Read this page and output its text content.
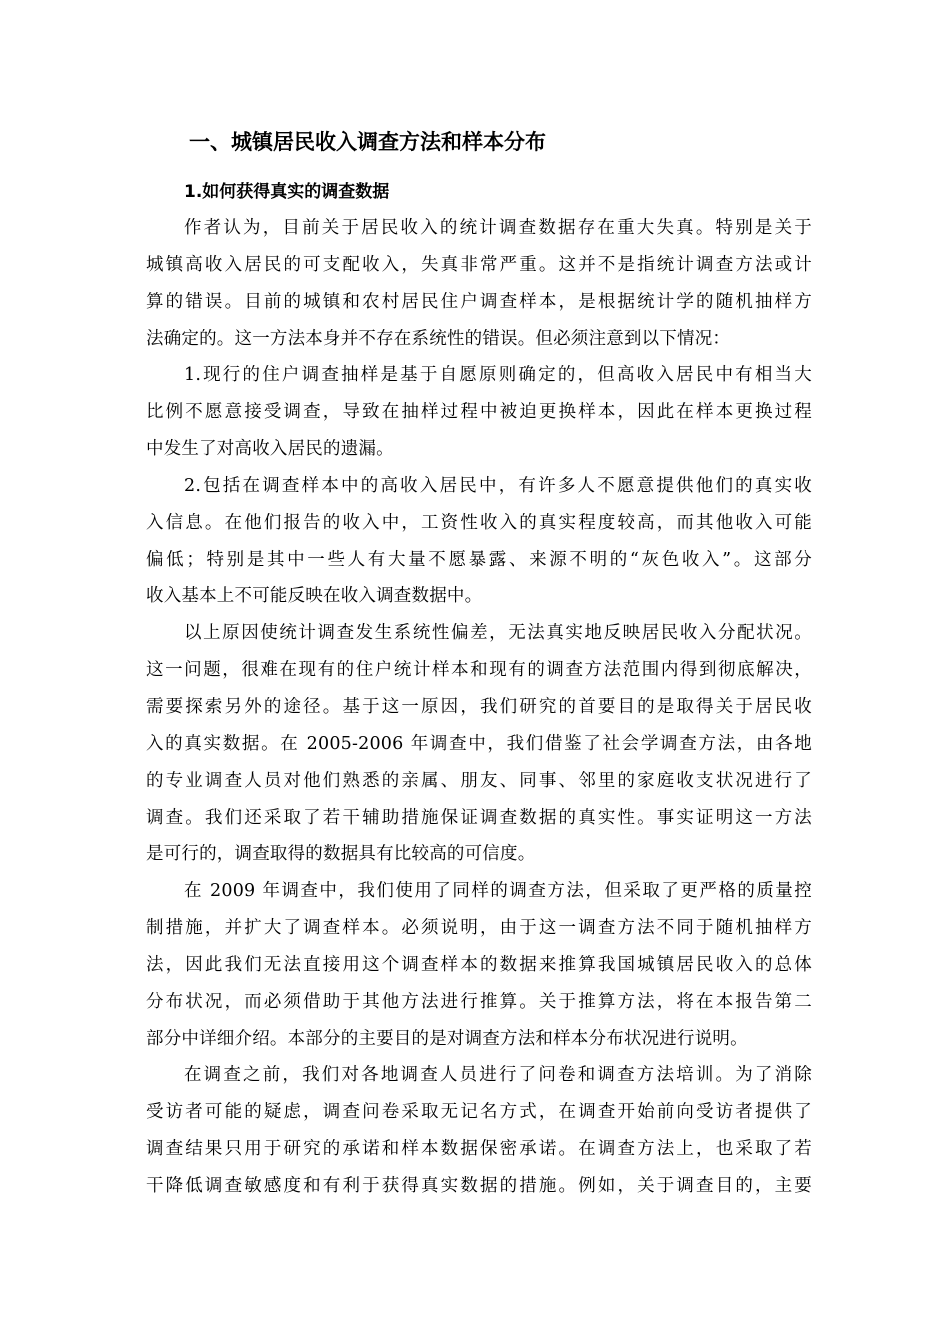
一、城镇居民收入调查方法和样本分布
1.如何获得真实的调查数据
作者认为，目前关于居民收入的统计调查数据存在重大失真。特别是关于
城镇高收入居民的可支配收入，失真非常严重。这并不是指统计调查方法或计
算的错误。目前的城镇和农村居民住户调查样本，是根据统计学的随机抽样方
法确定的。这一方法本身并不存在系统性的错误。但必须注意到以下情况：
1.现行的住户调查抽样是基于自愿原则确定的，但高收入居民中有相当大
比例不愿意接受调查，导致在抽样过程中被迫更换样本，因此在样本更换过程
中发生了对高收入居民的遗漏。
2.包括在调查样本中的高收入居民中，有许多人不愿意提供他们的真实收
入信息。在他们报告的收入中，工资性收入的真实程度较高，而其他收入可能
偏低；特别是其中一些人有大量不愿暴露、来源不明的“灰色收入”。这部分
收入基本上不可能反映在收入调查数据中。
以上原因使统计调查发生系统性偏差，无法真实地反映居民收入分配状况。
这一问题，很难在现有的住户统计样本和现有的调查方法范围内得到彻底解决，
需要探索另外的途径。基于这一原因，我们研究的首要目的是取得关于居民收
入的真实数据。在 2005-2006 年调查中，我们借鉴了社会学调查方法，由各地
的专业调查人员对他们熟悉的亲属、朋友、同事、邻里的家庭收支状况进行了
调查。我们还采取了若干辅助措施保证调查数据的真实性。事实证明这一方法
是可行的，调查取得的数据具有比较高的可信度。
在 2009 年调查中，我们使用了同样的调查方法，但采取了更严格的质量控
制措施，并扩大了调查样本。必须说明，由于这一调查方法不同于随机抽样方
法，因此我们无法直接用这个调查样本的数据来推算我国城镇居民收入的总体
分布状况，而必须借助于其他方法进行推算。关于推算方法，将在本报告第二
部分中详细介绍。本部分的主要目的是对调查方法和样本分布状况进行说明。
在调查之前，我们对各地调查人员进行了问卷和调查方法培训。为了消除
受访者可能的疑虑，调查问卷采取无记名方式，在调查开始前向受访者提供了
调查结果只用于研究的承诺和样本数据保密承诺。在调查方法上，也采取了若
干降低调查敏感度和有利于获得真实数据的措施。例如，关于调查目的，主要
